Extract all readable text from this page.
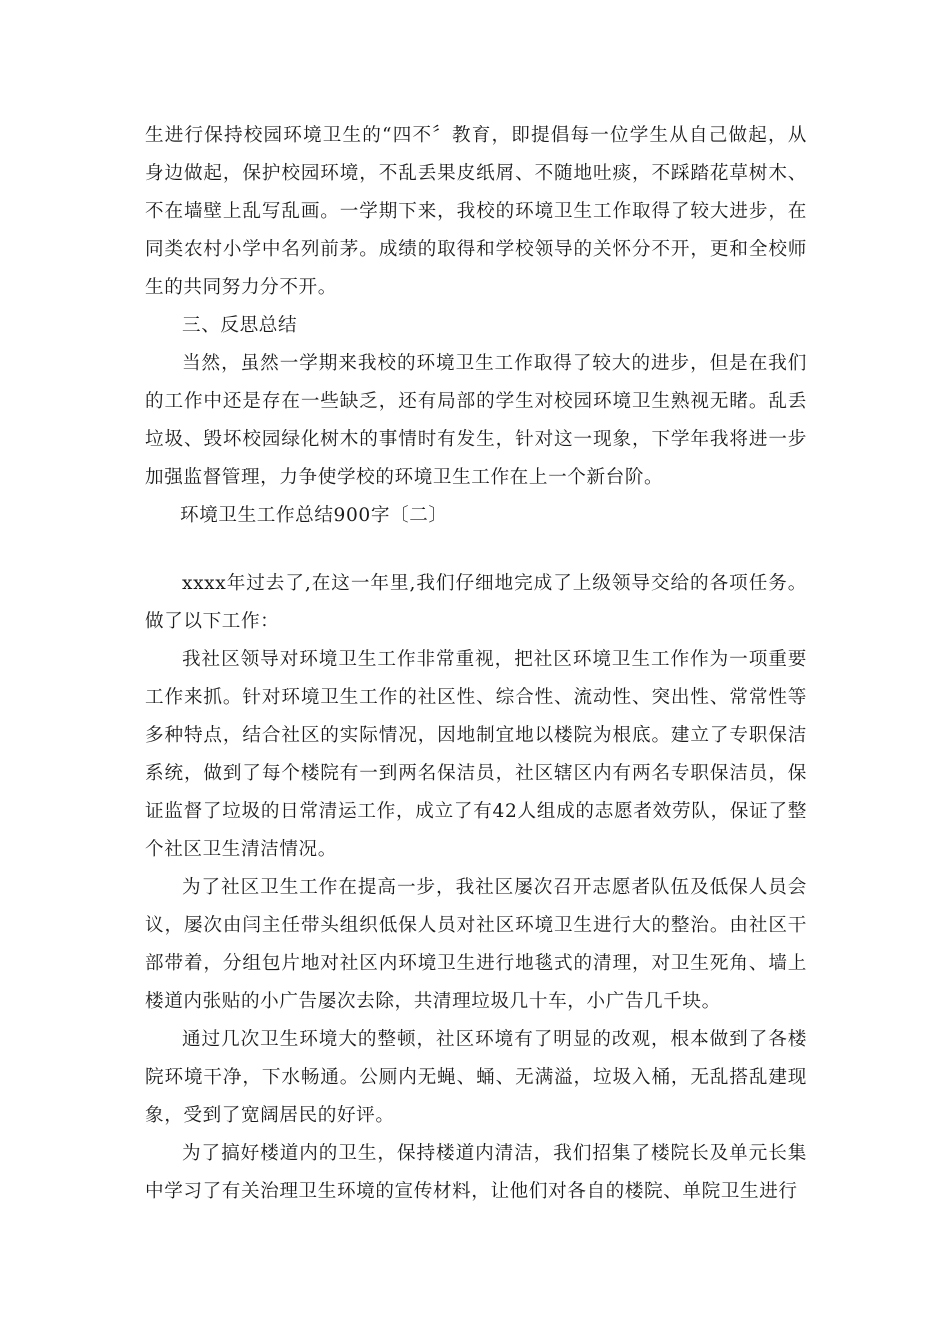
生进行保持校园环境卫生的“四不〞教育，即提倡每一位学生从自己做起，从身边做起，保护校园环境，不乱丢果皮纸屑、不随地吐痰，不踩踏花草树木、不在墙壁上乱写乱画。一学期下来，我校的环境卫生工作取得了较大进步，在同类农村小学中名列前茅。成绩的取得和学校领导的关怀分不开，更和全校师生的共同努力分不开。

三、反思总结

当然，虽然一学期来我校的环境卫生工作取得了较大的进步，但是在我们的工作中还是存在一些缺乏，还有局部的学生对校园环境卫生熟视无睹。乱丢垃圾、毁坏校园绿化树木的事情时有发生，针对这一现象，下学年我将进一步加强监督管理，力争使学校的环境卫生工作在上一个新台阶。

环境卫生工作总结900字〔二〕

xxxx年过去了,在这一年里,我们仔细地完成了上级领导交给的各项任务。做了以下工作：

我社区领导对环境卫生工作非常重视，把社区环境卫生工作作为一项重要工作来抓。针对环境卫生工作的社区性、综合性、流动性、突出性、常常性等多种特点，结合社区的实际情况，因地制宜地以楼院为根底。建立了专职保洁系统，做到了每个楼院有一到两名保洁员，社区辖区内有两名专职保洁员，保证监督了垃圾的日常清运工作，成立了有42人组成的志愿者效劳队，保证了整个社区卫生清洁情况。

为了社区卫生工作在提高一步，我社区屡次召开志愿者队伍及低保人员会议，屡次由闫主任带头组织低保人员对社区环境卫生进行大的整治。由社区干部带着，分组包片地对社区内环境卫生进行地毯式的清理，对卫生死角、墙上楼道内张贴的小广告屡次去除，共清理垃圾几十车，小广告几千块。

通过几次卫生环境大的整顿，社区环境有了明显的改观，根本做到了各楼院环境干净，下水畅通。公厕内无蝇、蛹、无满溢，垃圾入桶，无乱搭乱建现象，受到了宽阔居民的好评。

为了搞好楼道内的卫生，保持楼道内清洁，我们招集了楼院长及单元长集中学习了有关治理卫生环境的宣传材料，让他们对各自的楼院、单院卫生进行
